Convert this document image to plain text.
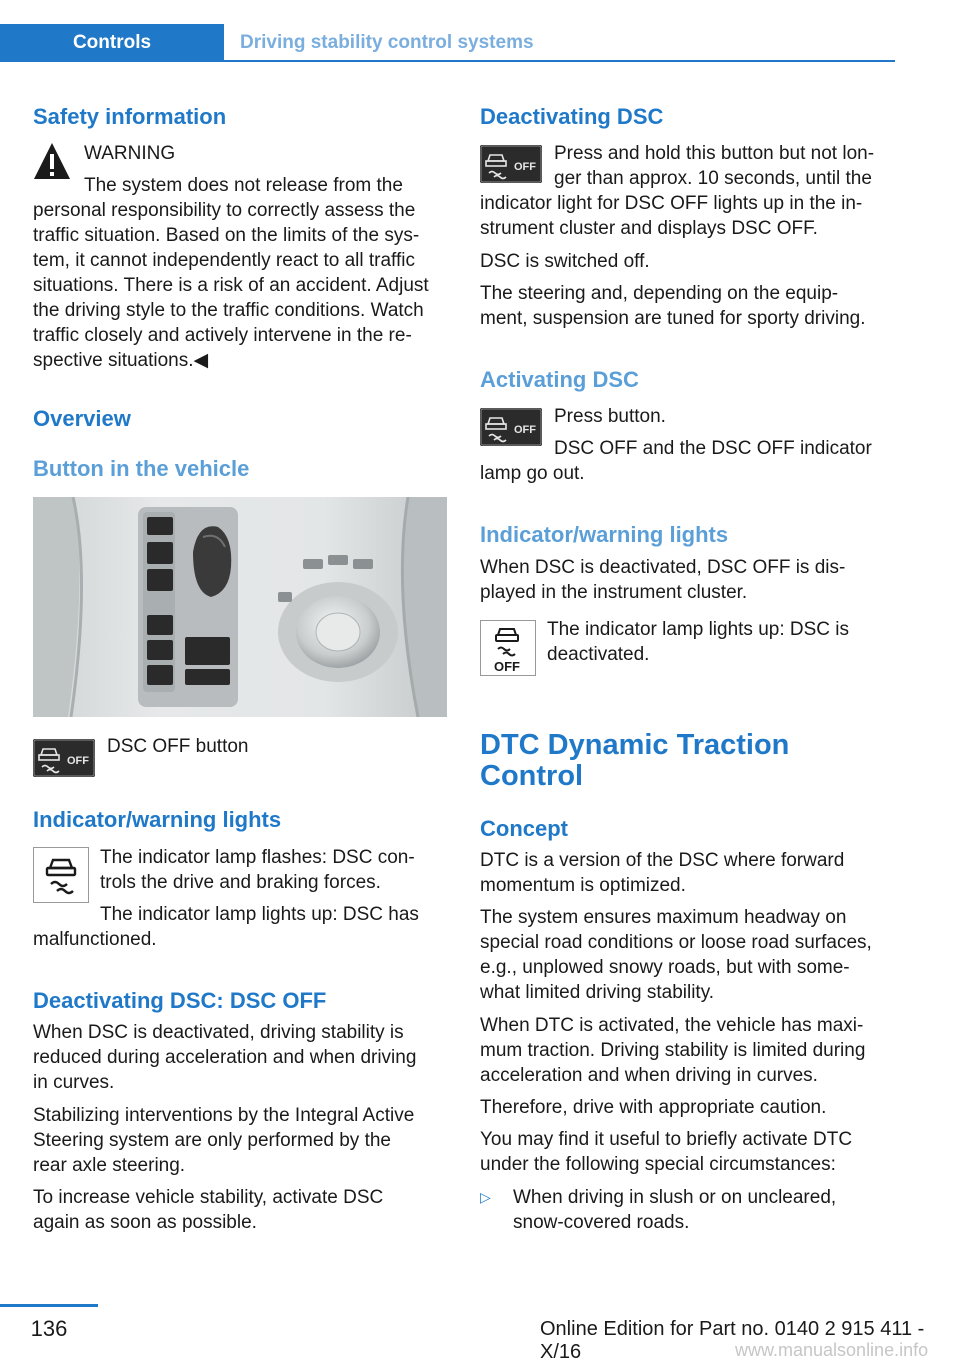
Controls	Driving stability control systems
Safety information

WARNING

The system does not release from the

personal responsibility to correctly assess the

traffic situation. Based on the limits of the sys-

tem, it cannot independently react to all traffic

situations. There is a risk of an accident. Adjust

the driving style to the traffic conditions. Watch

traffic closely and actively intervene in the re-

spective situations.◀

Overview
Button in the vehicle
OFF

DSC OFF button

Indicator/warning lights

The indicator lamp flashes: DSC con-

trols the drive and braking forces.

The indicator lamp lights up: DSC has

malfunctioned.

Deactivating DSC: DSC OFF

When DSC is deactivated, driving stability is

reduced during acceleration and when driving

in curves.

Stabilizing interventions by the Integral Active

Steering system are only performed by the

rear axle steering.

To increase vehicle stability, activate DSC

again as soon as possible.

Deactivating DSC
OFF

Press and hold this button but not lon-

ger than approx. 10 seconds, until the

indicator light for DSC OFF lights up in the in-

strument cluster and displays DSC OFF.

DSC is switched off.

The steering and, depending on the equip-

ment, suspension are tuned for sporty driving.

Activating DSC
OFF

Press button.

DSC OFF and the DSC OFF indicator

lamp go out.

Indicator/warning lights

When DSC is deactivated, DSC OFF is dis-

played in the instrument cluster.

OFF

The indicator lamp lights up: DSC is

deactivated.

DTC Dynamic Traction
Control
Concept

DTC is a version of the DSC where forward

momentum is optimized.

The system ensures maximum headway on

special road conditions or loose road surfaces,

e.g., unplowed snowy roads, but with some-

what limited driving stability.

When DTC is activated, the vehicle has maxi-

mum traction. Driving stability is limited during

acceleration and when driving in curves.

Therefore, drive with appropriate caution.

You may find it useful to briefly activate DTC

under the following special circumstances:

▷ When driving in slush or on uncleared,

snow-covered roads.

136	Online Edition for Part no. 0140 2 915 411 - X/16	www.manualsonline.info
